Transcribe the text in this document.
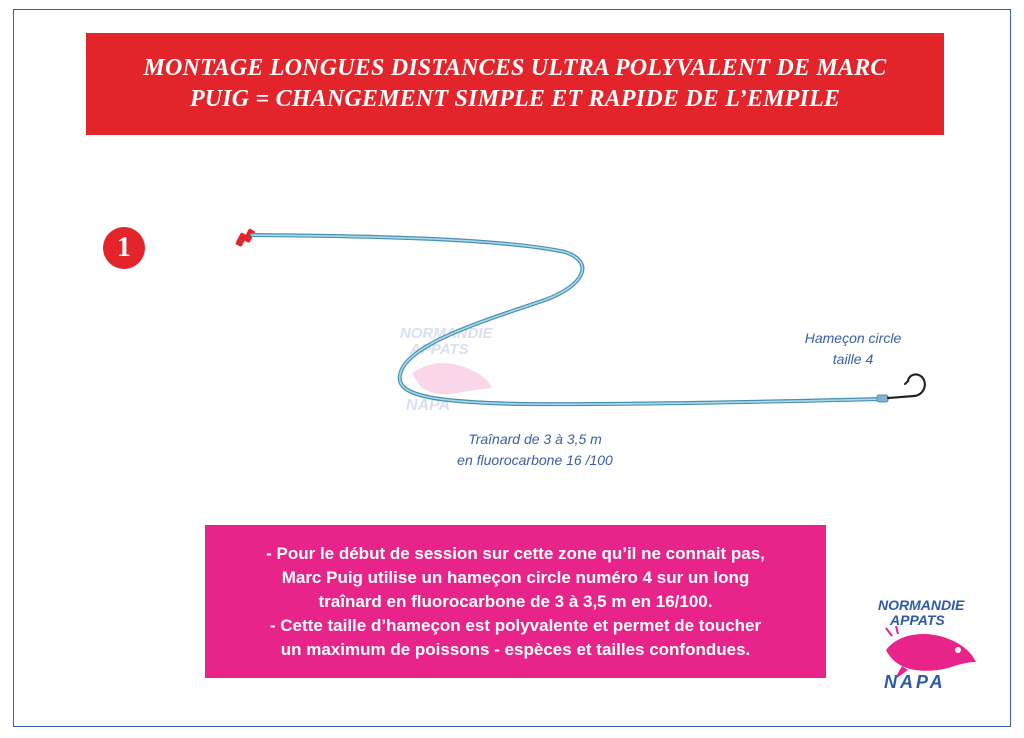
MONTAGE LONGUES DISTANCES ULTRA POLYVALENT DE MARC
PUIG = CHANGEMENT SIMPLE ET RAPIDE DE L’EMPILE
1
NORMANDIE
APPATS
NAPA
Hameçon circle
taille 4
Traînard de 3 à 3,5 m
en fluorocarbone 16 /100
- Pour le début de session sur cette zone qu’il ne connait pas,
Marc Puig utilise un hameçon circle numéro 4 sur un long
traînard en fluorocarbone de 3 à 3,5 m en 16/100.
- Cette taille d’hameçon est polyvalente et permet de toucher
un maximum de poissons - espèces et tailles confondues.
NORMANDIE
APPATS
NAPA
